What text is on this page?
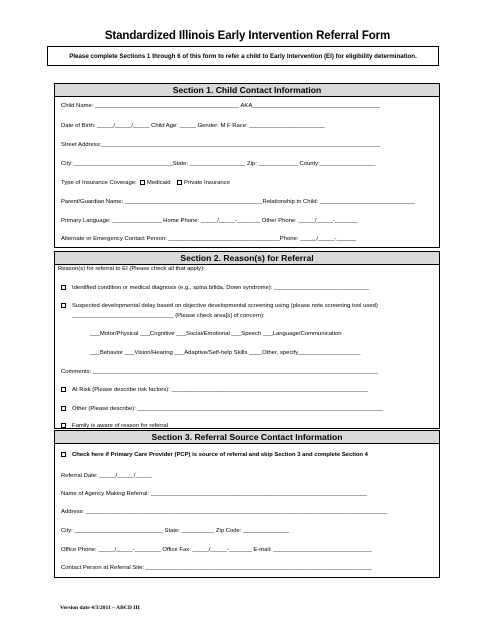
Standardized Illinois Early Intervention Referral Form
Please complete Sections 1 through 6 of this form to refer a child to Early Intervention (EI) for eligibility determination.
Section 1. Child Contact Information
Child Name: ____________________________________________ AKA_______________________________________
Date of Birth: _____/_____/_____ Child Age: _____ Gender: M F Race: _______________________
Street Address:_____________________________________________________________________________________
City: ______________________________State: _________________ Zip: ____________ County:_________________
Type of Insurance Coverage: Medicaid Private Insurance
Parent/Guardian Name: __________________________________________Relationship to Child: _____________________________
Primary Language: _______________ Home Phone: _____/_____-_______ Other Phone: _____/_____-_______
Alternate or Emergency Contact Person: __________________________________Phone: _____/_____-______
Section 2. Reason(s) for Referral
Reason(s) for referral to EI (Please check all that apply):
Identified condition or medical diagnosis (e.g., spina bifida, Down syndrome): _____________________________
Suspected developmental delay based on objective developmental screening using (please note screening tool used)
_______________________________ (Please check area[s] of concern):
___Motor/Physical ___Cognitive ___Social/Emotional ___Speech ___Language/Communication
___Behavior ___Vision/Hearing ___Adaptive/Self-help Skills ____Other, specify___________________
Comments: _______________________________________________________________________________________
At Risk (Please describe risk factors): ____________________________________________________________
Other (Please describe): ___________________________________________________________________________
Family is aware of reason for referral
Section 3. Referral Source Contact Information
Check here if Primary Care Provider (PCP) is source of referral and skip Section 3 and complete Section 4
Referral Date: _____/_____/_____
Name of Agency Making Referral: __________________________________________________________________
Address: ____________________________________________________________________________________________
City: ___________________________ State: __________ Zip Code: ______________
Office Phone: _____/_____-________ Office Fax: _____/_____-_______ E-mail: ______________________________
Contact Person at Referral Site: _____________________________________________________________________
Version date 4/3/2011 – ABCD III
